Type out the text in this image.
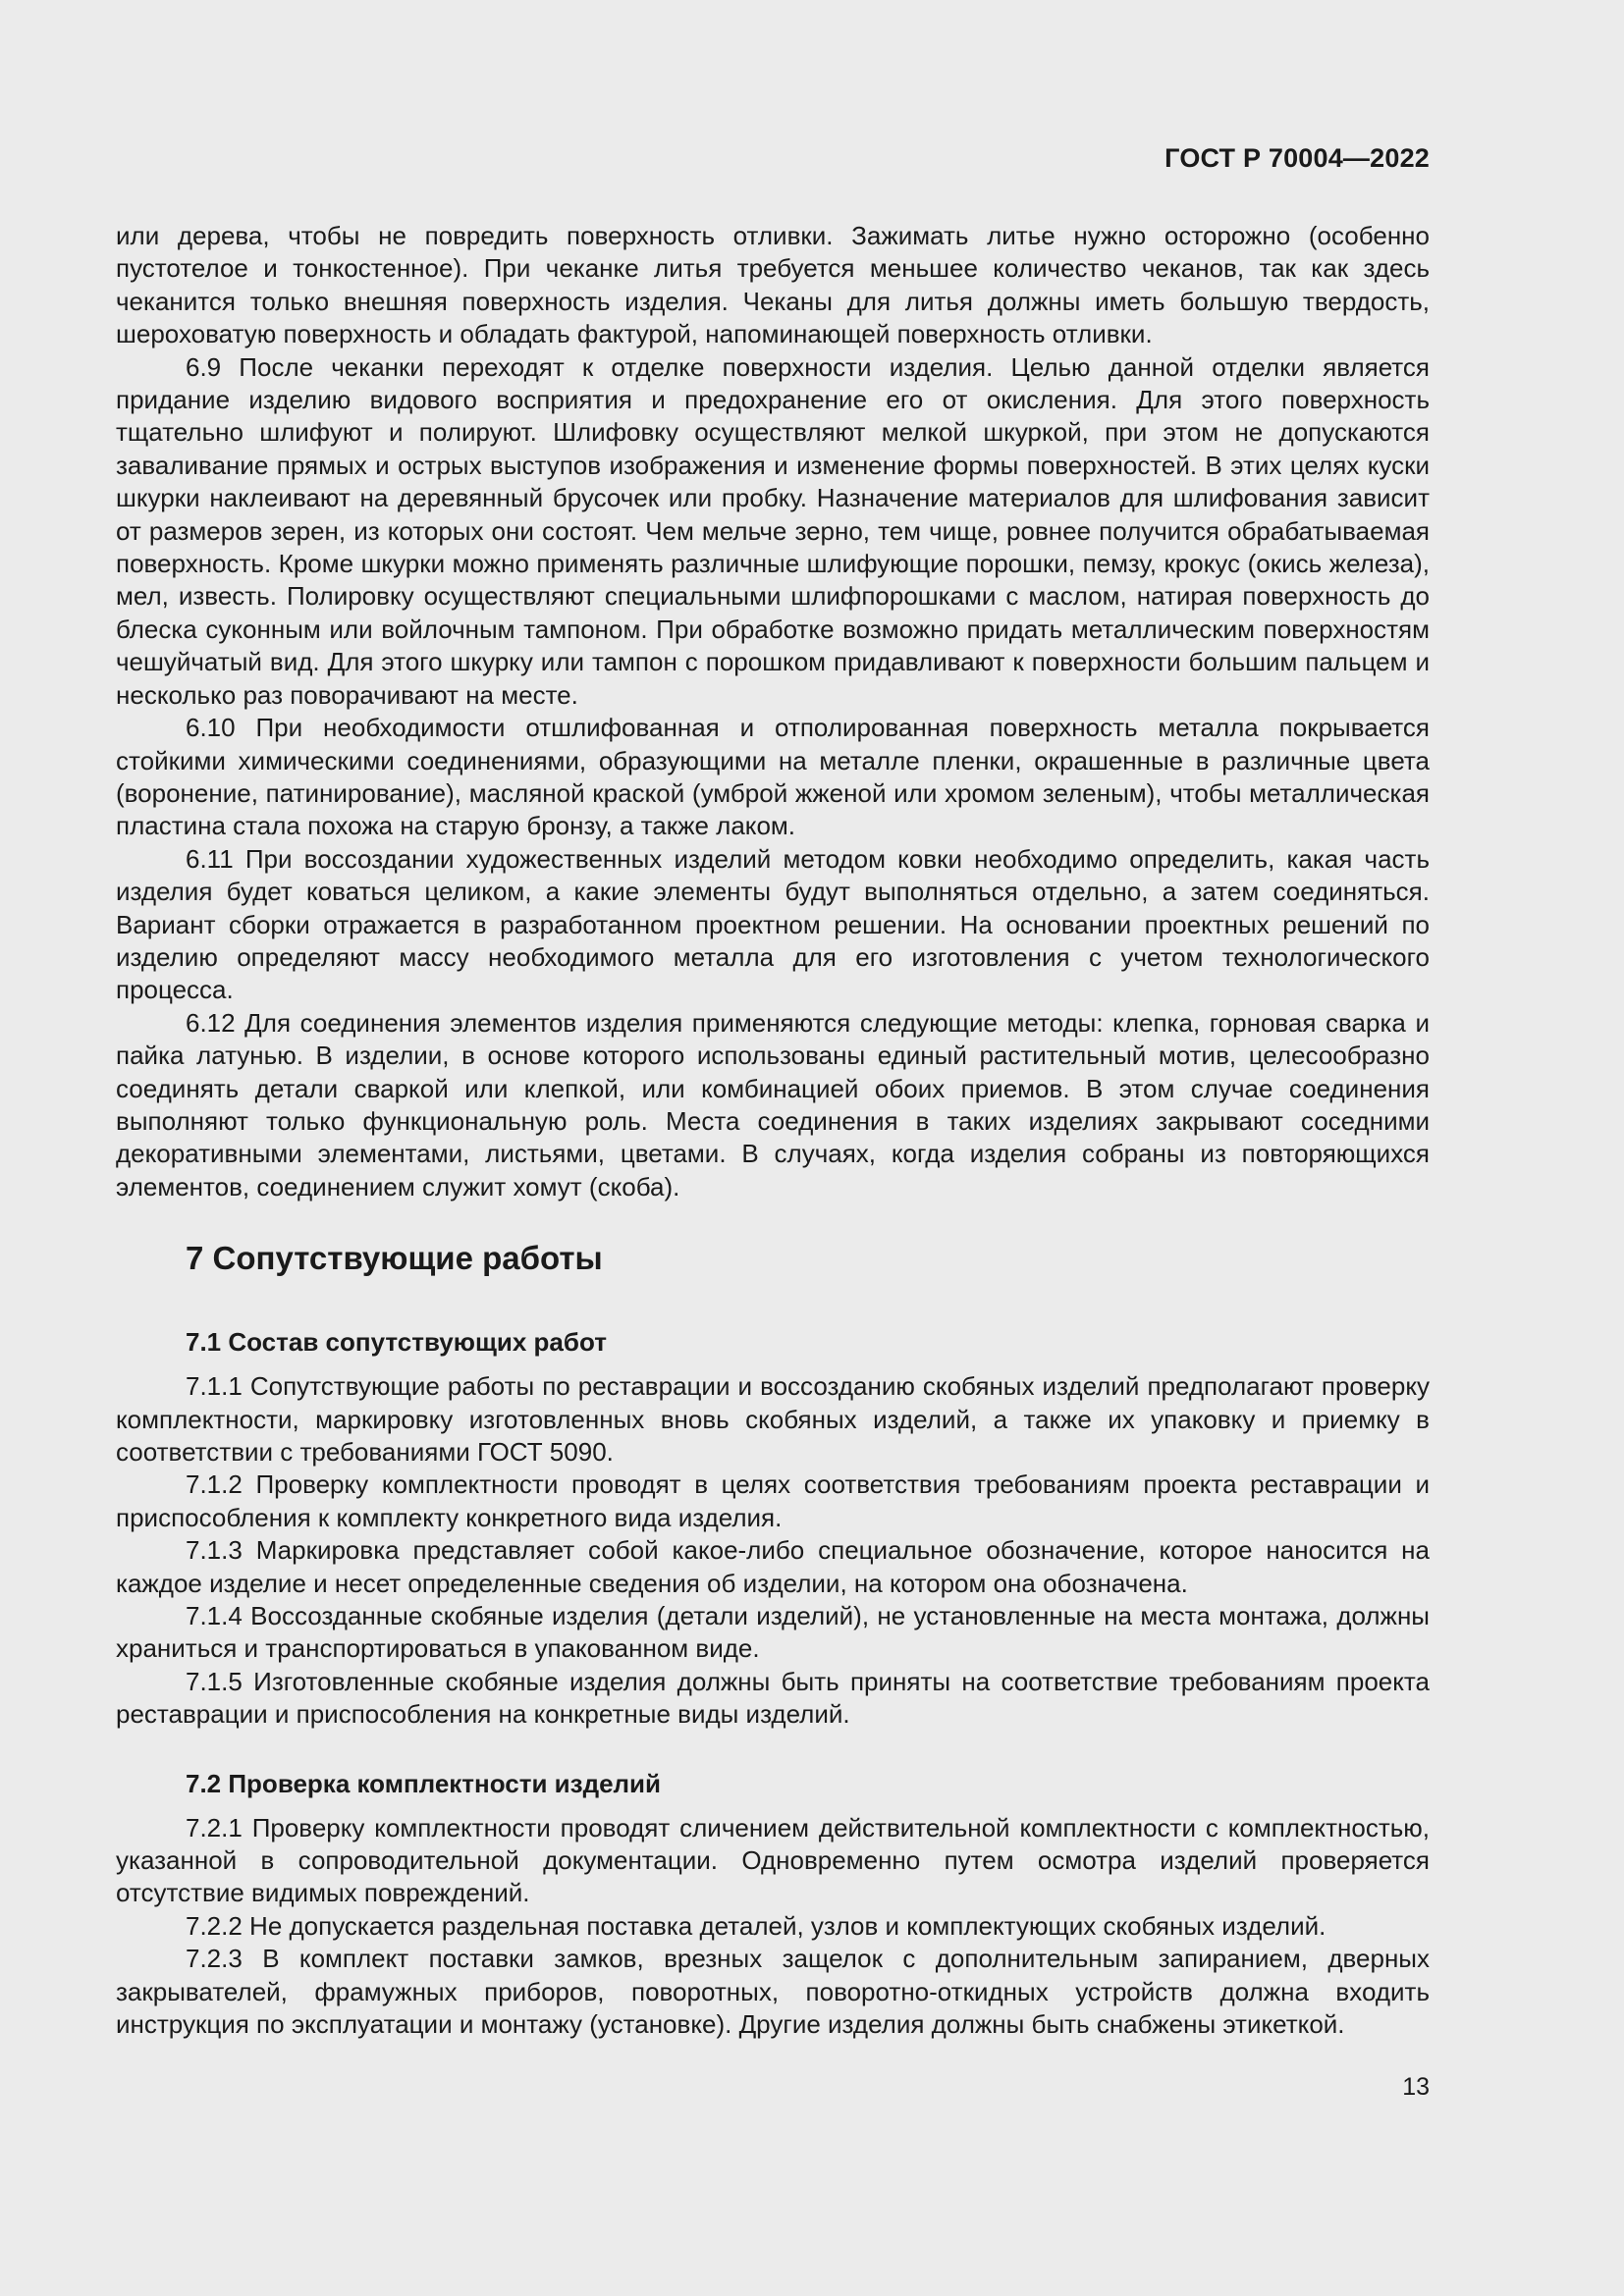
ГОСТ Р 70004—2022

или дерева, чтобы не повредить поверхность отливки. Зажимать литье нужно осторожно (особенно пустотелое и тонкостенное). При чеканке литья требуется меньшее количество чеканов, так как здесь чеканится только внешняя поверхность изделия. Чеканы для литья должны иметь большую твердость, шероховатую поверхность и обладать фактурой, напоминающей поверхность отливки.

6.9 После чеканки переходят к отделке поверхности изделия. Целью данной отделки является придание изделию видового восприятия и предохранение его от окисления. Для этого поверхность тщательно шлифуют и полируют. Шлифовку осуществляют мелкой шкуркой, при этом не допускаются заваливание прямых и острых выступов изображения и изменение формы поверхностей. В этих целях куски шкурки наклеивают на деревянный брусочек или пробку. Назначение материалов для шлифования зависит от размеров зерен, из которых они состоят. Чем мельче зерно, тем чище, ровнее получится обрабатываемая поверхность. Кроме шкурки можно применять различные шлифующие порошки, пемзу, крокус (окись железа), мел, известь. Полировку осуществляют специальными шлифпорошками с маслом, натирая поверхность до блеска суконным или войлочным тампоном. При обработке возможно придать металлическим поверхностям чешуйчатый вид. Для этого шкурку или тампон с порошком придавливают к поверхности большим пальцем и несколько раз поворачивают на месте.

6.10 При необходимости отшлифованная и отполированная поверхность металла покрывается стойкими химическими соединениями, образующими на металле пленки, окрашенные в различные цвета (воронение, патинирование), масляной краской (умброй жженой или хромом зеленым), чтобы металлическая пластина стала похожа на старую бронзу, а также лаком.

6.11 При воссоздании художественных изделий методом ковки необходимо определить, какая часть изделия будет коваться целиком, а какие элементы будут выполняться отдельно, а затем соединяться. Вариант сборки отражается в разработанном проектном решении. На основании проектных решений по изделию определяют массу необходимого металла для его изготовления с учетом технологического процесса.

6.12 Для соединения элементов изделия применяются следующие методы: клепка, горновая сварка и пайка латунью. В изделии, в основе которого использованы единый растительный мотив, целесообразно соединять детали сваркой или клепкой, или комбинацией обоих приемов. В этом случае соединения выполняют только функциональную роль. Места соединения в таких изделиях закрывают соседними декоративными элементами, листьями, цветами. В случаях, когда изделия собраны из повторяющихся элементов, соединением служит хомут (скоба).

7 Сопутствующие работы
7.1 Состав сопутствующих работ

7.1.1 Сопутствующие работы по реставрации и воссозданию скобяных изделий предполагают проверку комплектности, маркировку изготовленных вновь скобяных изделий, а также их упаковку и приемку в соответствии с требованиями ГОСТ 5090.

7.1.2 Проверку комплектности проводят в целях соответствия требованиям проекта реставрации и приспособления к комплекту конкретного вида изделия.

7.1.3 Маркировка представляет собой какое-либо специальное обозначение, которое наносится на каждое изделие и несет определенные сведения об изделии, на котором она обозначена.

7.1.4 Воссозданные скобяные изделия (детали изделий), не установленные на места монтажа, должны храниться и транспортироваться в упакованном виде.

7.1.5 Изготовленные скобяные изделия должны быть приняты на соответствие требованиям проекта реставрации и приспособления на конкретные виды изделий.

7.2 Проверка комплектности изделий

7.2.1 Проверку комплектности проводят сличением действительной комплектности с комплектностью, указанной в сопроводительной документации. Одновременно путем осмотра изделий проверяется отсутствие видимых повреждений.

7.2.2 Не допускается раздельная поставка деталей, узлов и комплектующих скобяных изделий.

7.2.3 В комплект поставки замков, врезных защелок с дополнительным запиранием, дверных закрывателей, фрамужных приборов, поворотных, поворотно-откидных устройств должна входить инструкция по эксплуатации и монтажу (установке). Другие изделия должны быть снабжены этикеткой.

13
